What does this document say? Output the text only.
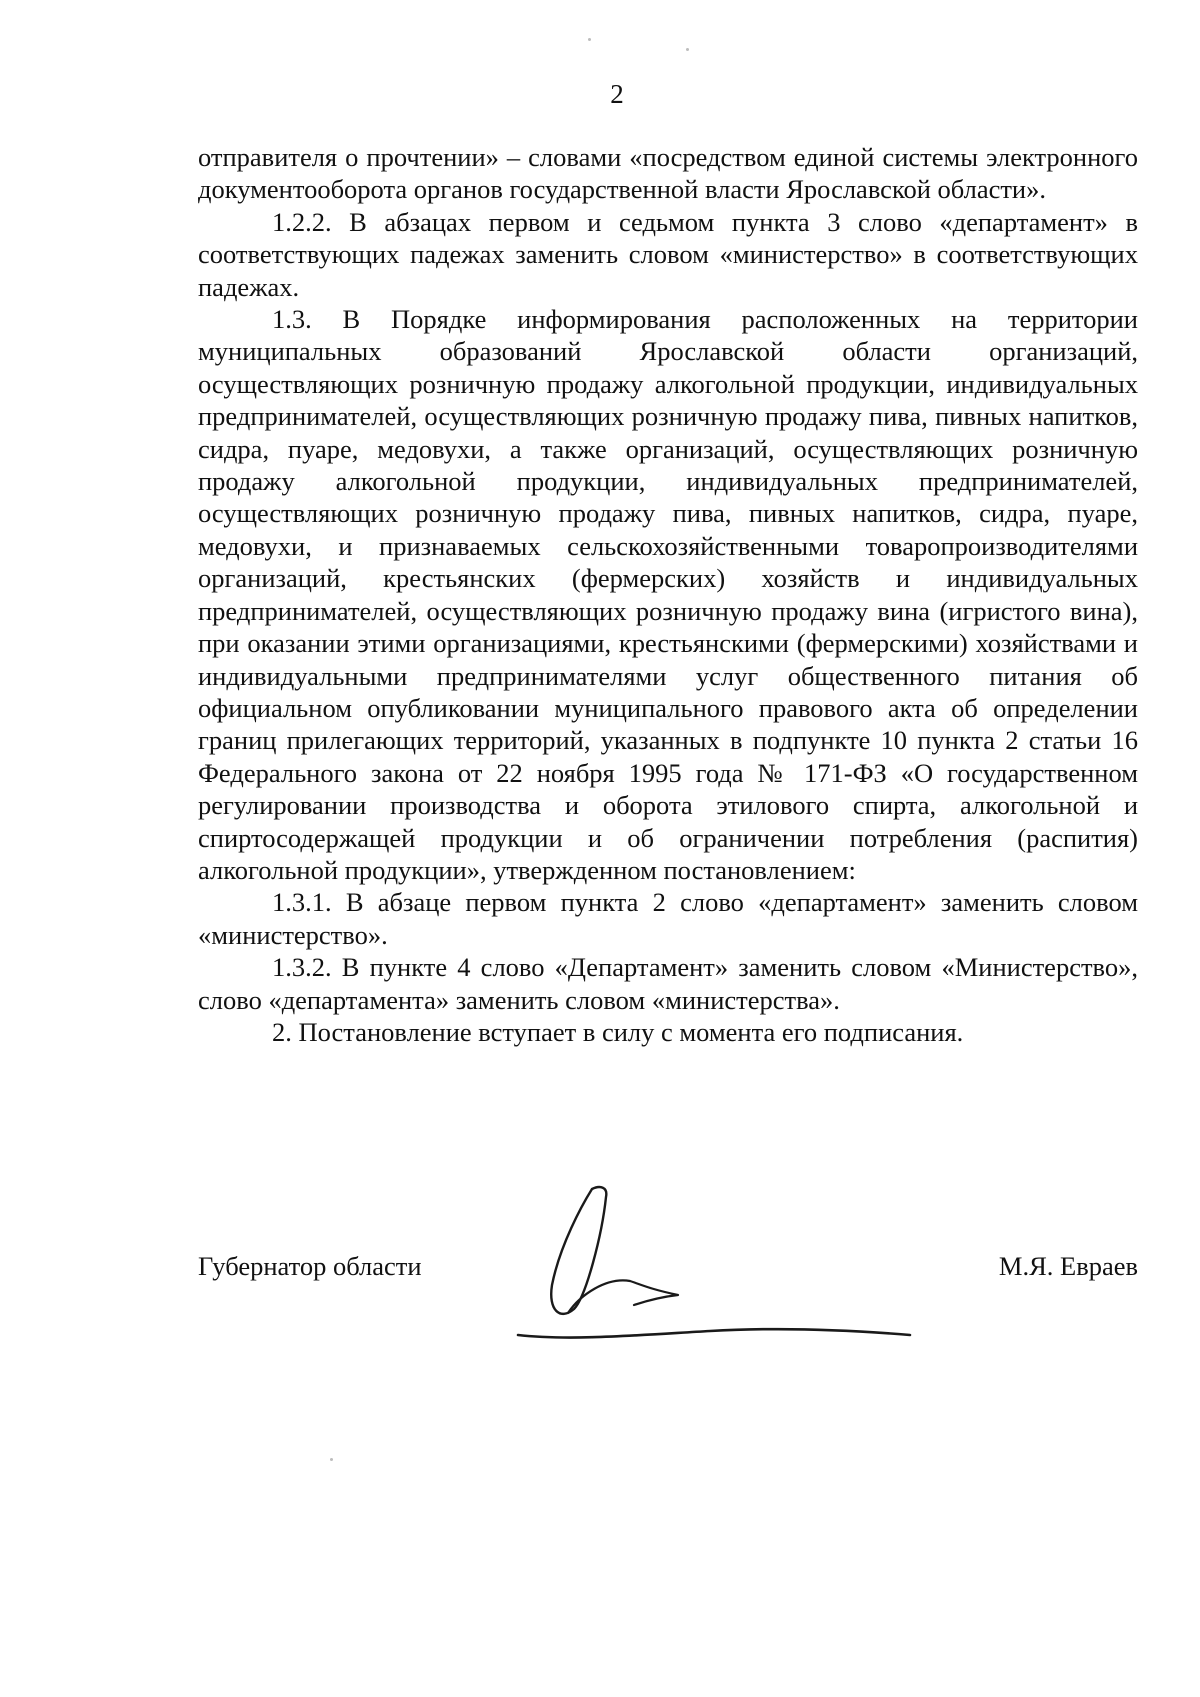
2

отправителя о прочтении» – словами «посредством единой системы электронного документооборота органов государственной власти Ярославской области».

1.2.2. В абзацах первом и седьмом пункта 3 слово «департамент» в соответствующих падежах заменить словом «министерство» в соответствующих падежах.

1.3. В Порядке информирования расположенных на территории муниципальных образований Ярославской области организаций, осуществляющих розничную продажу алкогольной продукции, индивидуальных предпринимателей, осуществляющих розничную продажу пива, пивных напитков, сидра, пуаре, медовухи, а также организаций, осуществляющих розничную продажу алкогольной продукции, индивидуальных предпринимателей, осуществляющих розничную продажу пива, пивных напитков, сидра, пуаре, медовухи, и признаваемых сельскохозяйственными товаропроизводителями организаций, крестьянских (фермерских) хозяйств и индивидуальных предпринимателей, осуществляющих розничную продажу вина (игристого вина), при оказании этими организациями, крестьянскими (фермерскими) хозяйствами и индивидуальными предпринимателями услуг общественного питания об официальном опубликовании муниципального правового акта об определении границ прилегающих территорий, указанных в подпункте 10 пункта 2 статьи 16 Федерального закона от 22 ноября 1995 года № 171-ФЗ «О государственном регулировании производства и оборота этилового спирта, алкогольной и спиртосодержащей продукции и об ограничении потребления (распития) алкогольной продукции», утвержденном постановлением:

1.3.1. В абзаце первом пункта 2 слово «департамент» заменить словом «министерство».

1.3.2. В пункте 4 слово «Департамент» заменить словом «Министерство», слово «департамента» заменить словом «министерства».

2. Постановление вступает в силу с момента его подписания.

Губернатор области	М.Я. Евраев
